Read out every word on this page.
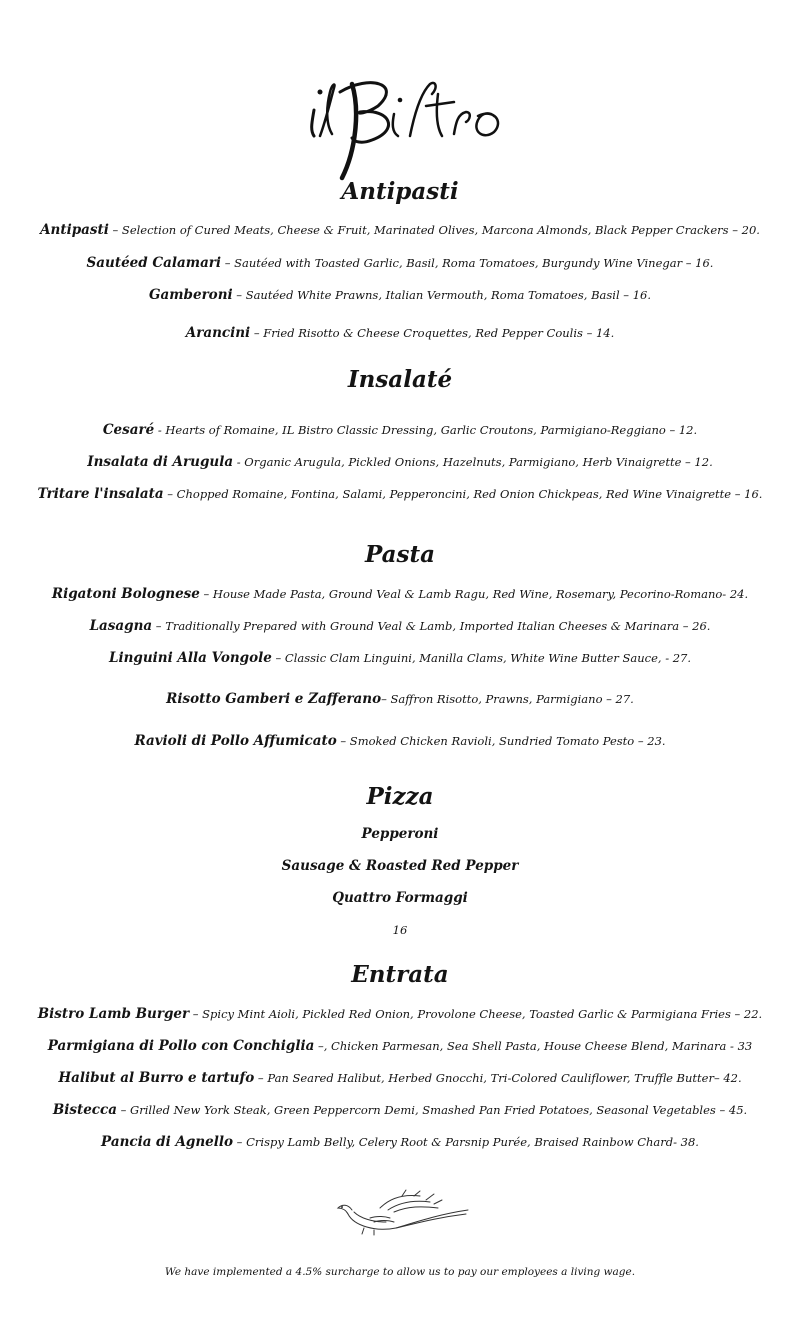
Antipasti
Antipasti – Selection of Cured Meats, Cheese & Fruit, Marinated Olives, Marcona Almonds, Black Pepper Crackers – 20.
Sautéed Calamari – Sautéed with Toasted Garlic, Basil, Roma Tomatoes, Burgundy Wine Vinegar – 16.
Gamberoni – Sautéed White Prawns, Italian Vermouth, Roma Tomatoes, Basil – 16.
Arancini – Fried Risotto & Cheese Croquettes, Red Pepper Coulis – 14.
Insalaté
Cesaré - Hearts of Romaine, IL Bistro Classic Dressing, Garlic Croutons, Parmigiano-Reggiano – 12.
Insalata di Arugula - Organic Arugula, Pickled Onions, Hazelnuts, Parmigiano, Herb Vinaigrette – 12.
Tritare l'insalata – Chopped Romaine, Fontina, Salami, Pepperoncini, Red Onion Chickpeas, Red Wine Vinaigrette – 16.
Pasta
Rigatoni Bolognese – House Made Pasta, Ground Veal & Lamb Ragu, Red Wine, Rosemary, Pecorino-Romano- 24.
Lasagna – Traditionally Prepared with Ground Veal & Lamb, Imported Italian Cheeses & Marinara – 26.
Linguini Alla Vongole – Classic Clam Linguini, Manilla Clams, White Wine Butter Sauce, - 27.
Risotto Gamberi e Zafferano– Saffron Risotto, Prawns, Parmigiano – 27.
Ravioli di Pollo Affumicato – Smoked Chicken Ravioli, Sundried Tomato Pesto – 23.
Pizza
Pepperoni
Sausage & Roasted Red Pepper
Quattro Formaggi
16
Entrata
Bistro Lamb Burger – Spicy Mint Aioli, Pickled Red Onion, Provolone Cheese, Toasted Garlic & Parmigiana Fries – 22.
Parmigiana di Pollo con Conchiglia –, Chicken Parmesan, Sea Shell Pasta, House Cheese Blend, Marinara - 33
Halibut al Burro e tartufo – Pan Seared Halibut, Herbed Gnocchi, Tri-Colored Cauliflower, Truffle Butter– 42.
Bistecca – Grilled New York Steak, Green Peppercorn Demi, Smashed Pan Fried Potatoes, Seasonal Vegetables – 45.
Pancia di Agnello – Crispy Lamb Belly, Celery Root & Parsnip Purée, Braised Rainbow Chard- 38.
We have implemented a 4.5% surcharge to allow us to pay our employees a living wage.
